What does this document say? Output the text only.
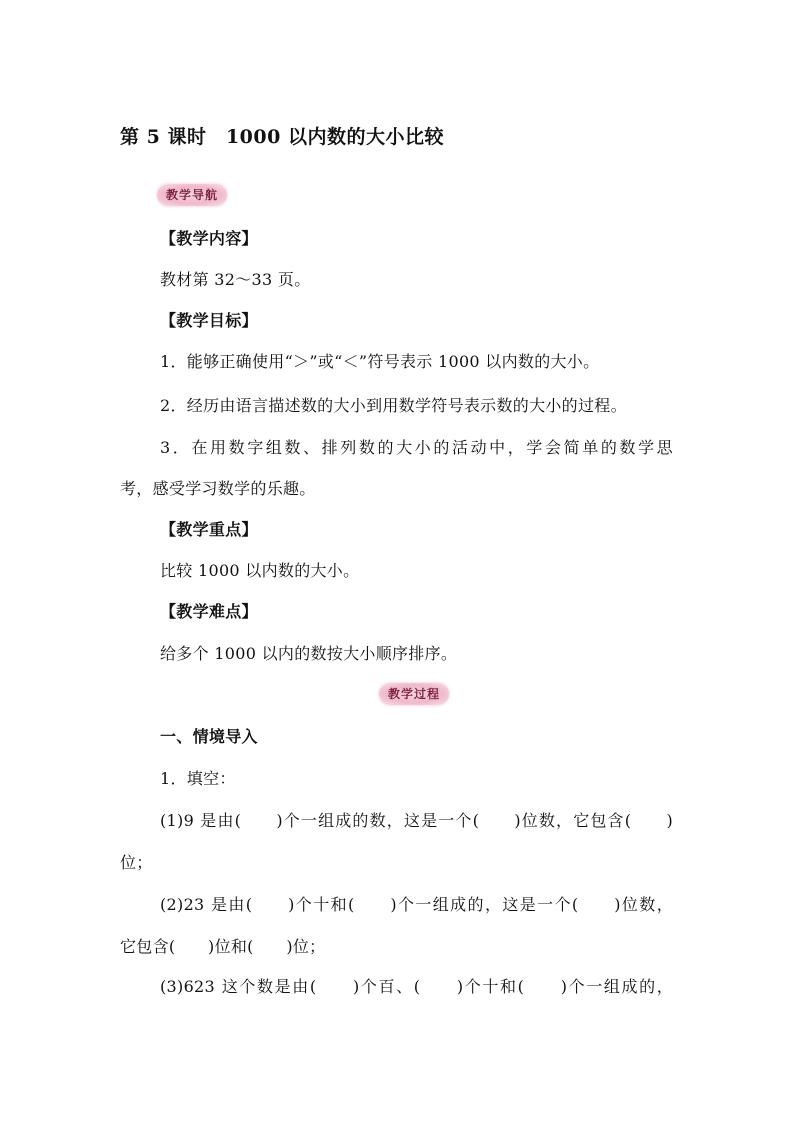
第 5 课时　1000 以内数的大小比较
教学导航
【教学内容】
教材第 32～33 页。
【教学目标】
1．能够正确使用“＞”或“＜”符号表示 1000 以内数的大小。
2．经历由语言描述数的大小到用数学符号表示数的大小的过程。
3．在用数字组数、排列数的大小的活动中，学会简单的数学思
考，感受学习数学的乐趣。
【教学重点】
比较 1000 以内数的大小。
【教学难点】
给多个 1000 以内的数按大小顺序排序。
教学过程
一、情境导入
1．填空：
(1)9 是由(　　)个一组成的数，这是一个(　　)位数，它包含(　　)
位；
(2)23 是由(　　)个十和(　　)个一组成的，这是一个(　　)位数，
它包含(　　)位和(　　)位；
(3)623 这个数是由(　　)个百、(　　)个十和(　　)个一组成的，
